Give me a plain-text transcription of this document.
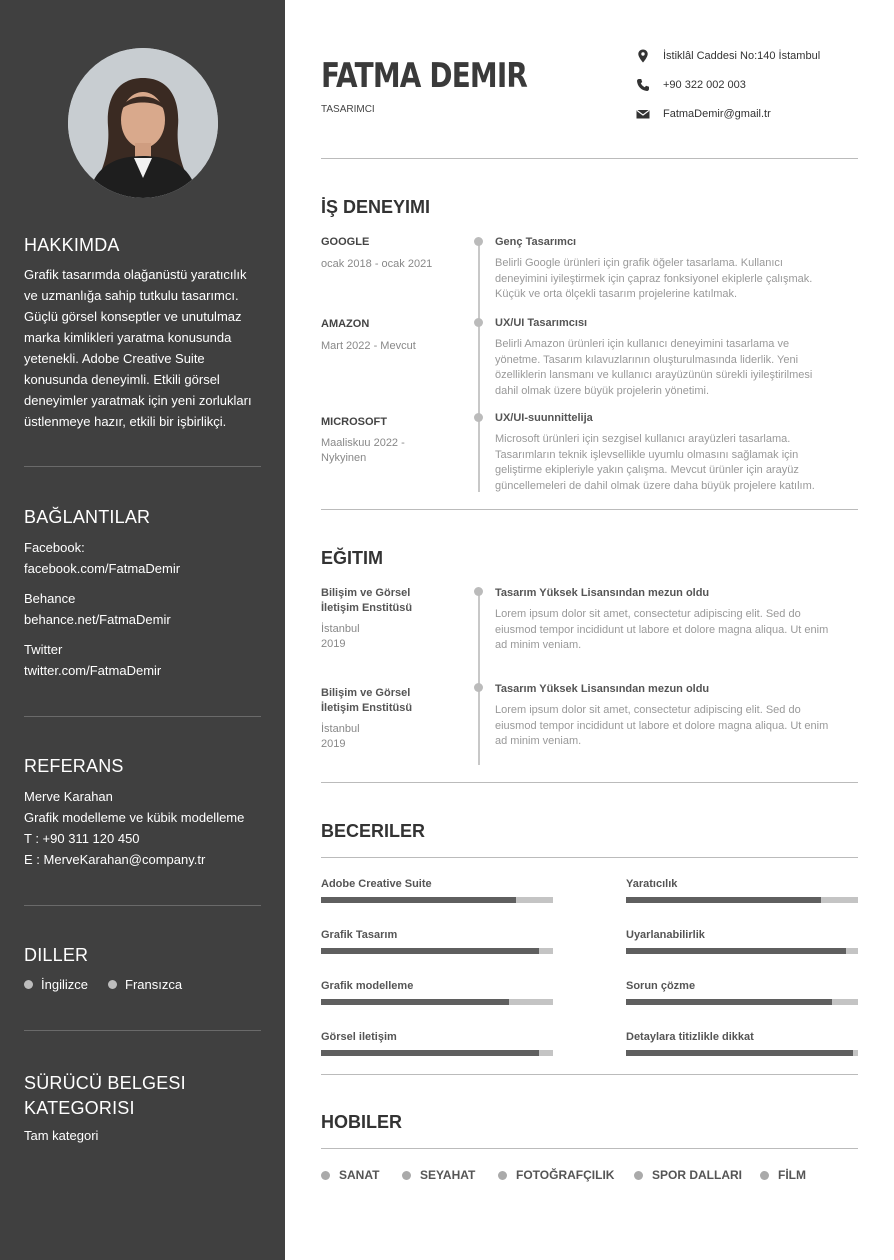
HAKKIMDA
Grafik tasarımda olağanüstü yaratıcılık
ve uzmanlığa sahip tutkulu tasarımcı.
Güçlü görsel konseptler ve unutulmaz
marka kimlikleri yaratma konusunda
yetenekli. Adobe Creative Suite
konusunda deneyimli. Etkili görsel
deneyimler yaratmak için yeni zorlukları
üstlenmeye hazır, etkili bir işbirlikçi.
BAĞLANTILAR
Facebook:
facebook.com/FatmaDemir
Behance
behance.net/FatmaDemir
Twitter
twitter.com/FatmaDemir
REFERANS
Merve Karahan
Grafik modelleme ve kübik modelleme
T : +90 311 120 450
E : MerveKarahan@company.tr
DILLER
İngilizce	Fransızca
SÜRÜCÜ BELGESI
KATEGORISI
Tam kategori
FATMA DEMIR
TASARIMCI
İstiklâl Caddesi No:140 İstambul
+90 322 002 003
FatmaDemir@gmail.tr
İŞ DENEYIMI
GOOGLE
ocak 2018 - ocak 2021
Genç Tasarımcı
Belirli Google ürünleri için grafik öğeler tasarlama. Kullanıcı
deneyimini iyileştirmek için çapraz fonksiyonel ekiplerle çalışmak.
Küçük ve orta ölçekli tasarım projelerine katılmak.
AMAZON
Mart 2022 - Mevcut
UX/UI Tasarımcısı
Belirli Amazon ürünleri için kullanıcı deneyimini tasarlama ve
yönetme. Tasarım kılavuzlarının oluşturulmasında liderlik. Yeni
özelliklerin lansmanı ve kullanıcı arayüzünün sürekli iyileştirilmesi
dahil olmak üzere büyük projelerin yönetimi.
MICROSOFT
Maaliskuu 2022 -
Nykyinen
UX/UI-suunnittelija
Microsoft ürünleri için sezgisel kullanıcı arayüzleri tasarlama.
Tasarımların teknik işlevsellikle uyumlu olmasını sağlamak için
geliştirme ekipleriyle yakın çalışma. Mevcut ürünler için arayüz
güncellemeleri de dahil olmak üzere daha büyük projelere katılım.
EĞITIM
Bilişim ve Görsel
İletişim Enstitüsü
İstanbul
2019
Tasarım Yüksek Lisansından mezun oldu
Lorem ipsum dolor sit amet, consectetur adipiscing elit. Sed do
eiusmod tempor incididunt ut labore et dolore magna aliqua. Ut enim
ad minim veniam.
Bilişim ve Görsel
İletişim Enstitüsü
İstanbul
2019
Tasarım Yüksek Lisansından mezun oldu
Lorem ipsum dolor sit amet, consectetur adipiscing elit. Sed do
eiusmod tempor incididunt ut labore et dolore magna aliqua. Ut enim
ad minim veniam.
BECERILER
Adobe Creative Suite	Yaratıcılık
Grafik Tasarım	Uyarlanabilirlik
Grafik modelleme	Sorun çözme
Görsel iletişim	Detaylara titizlikle dikkat
HOBILER
SANAT	SEYAHAT	FOTOĞRAFÇILIK	SPOR DALLARI	FİLM
